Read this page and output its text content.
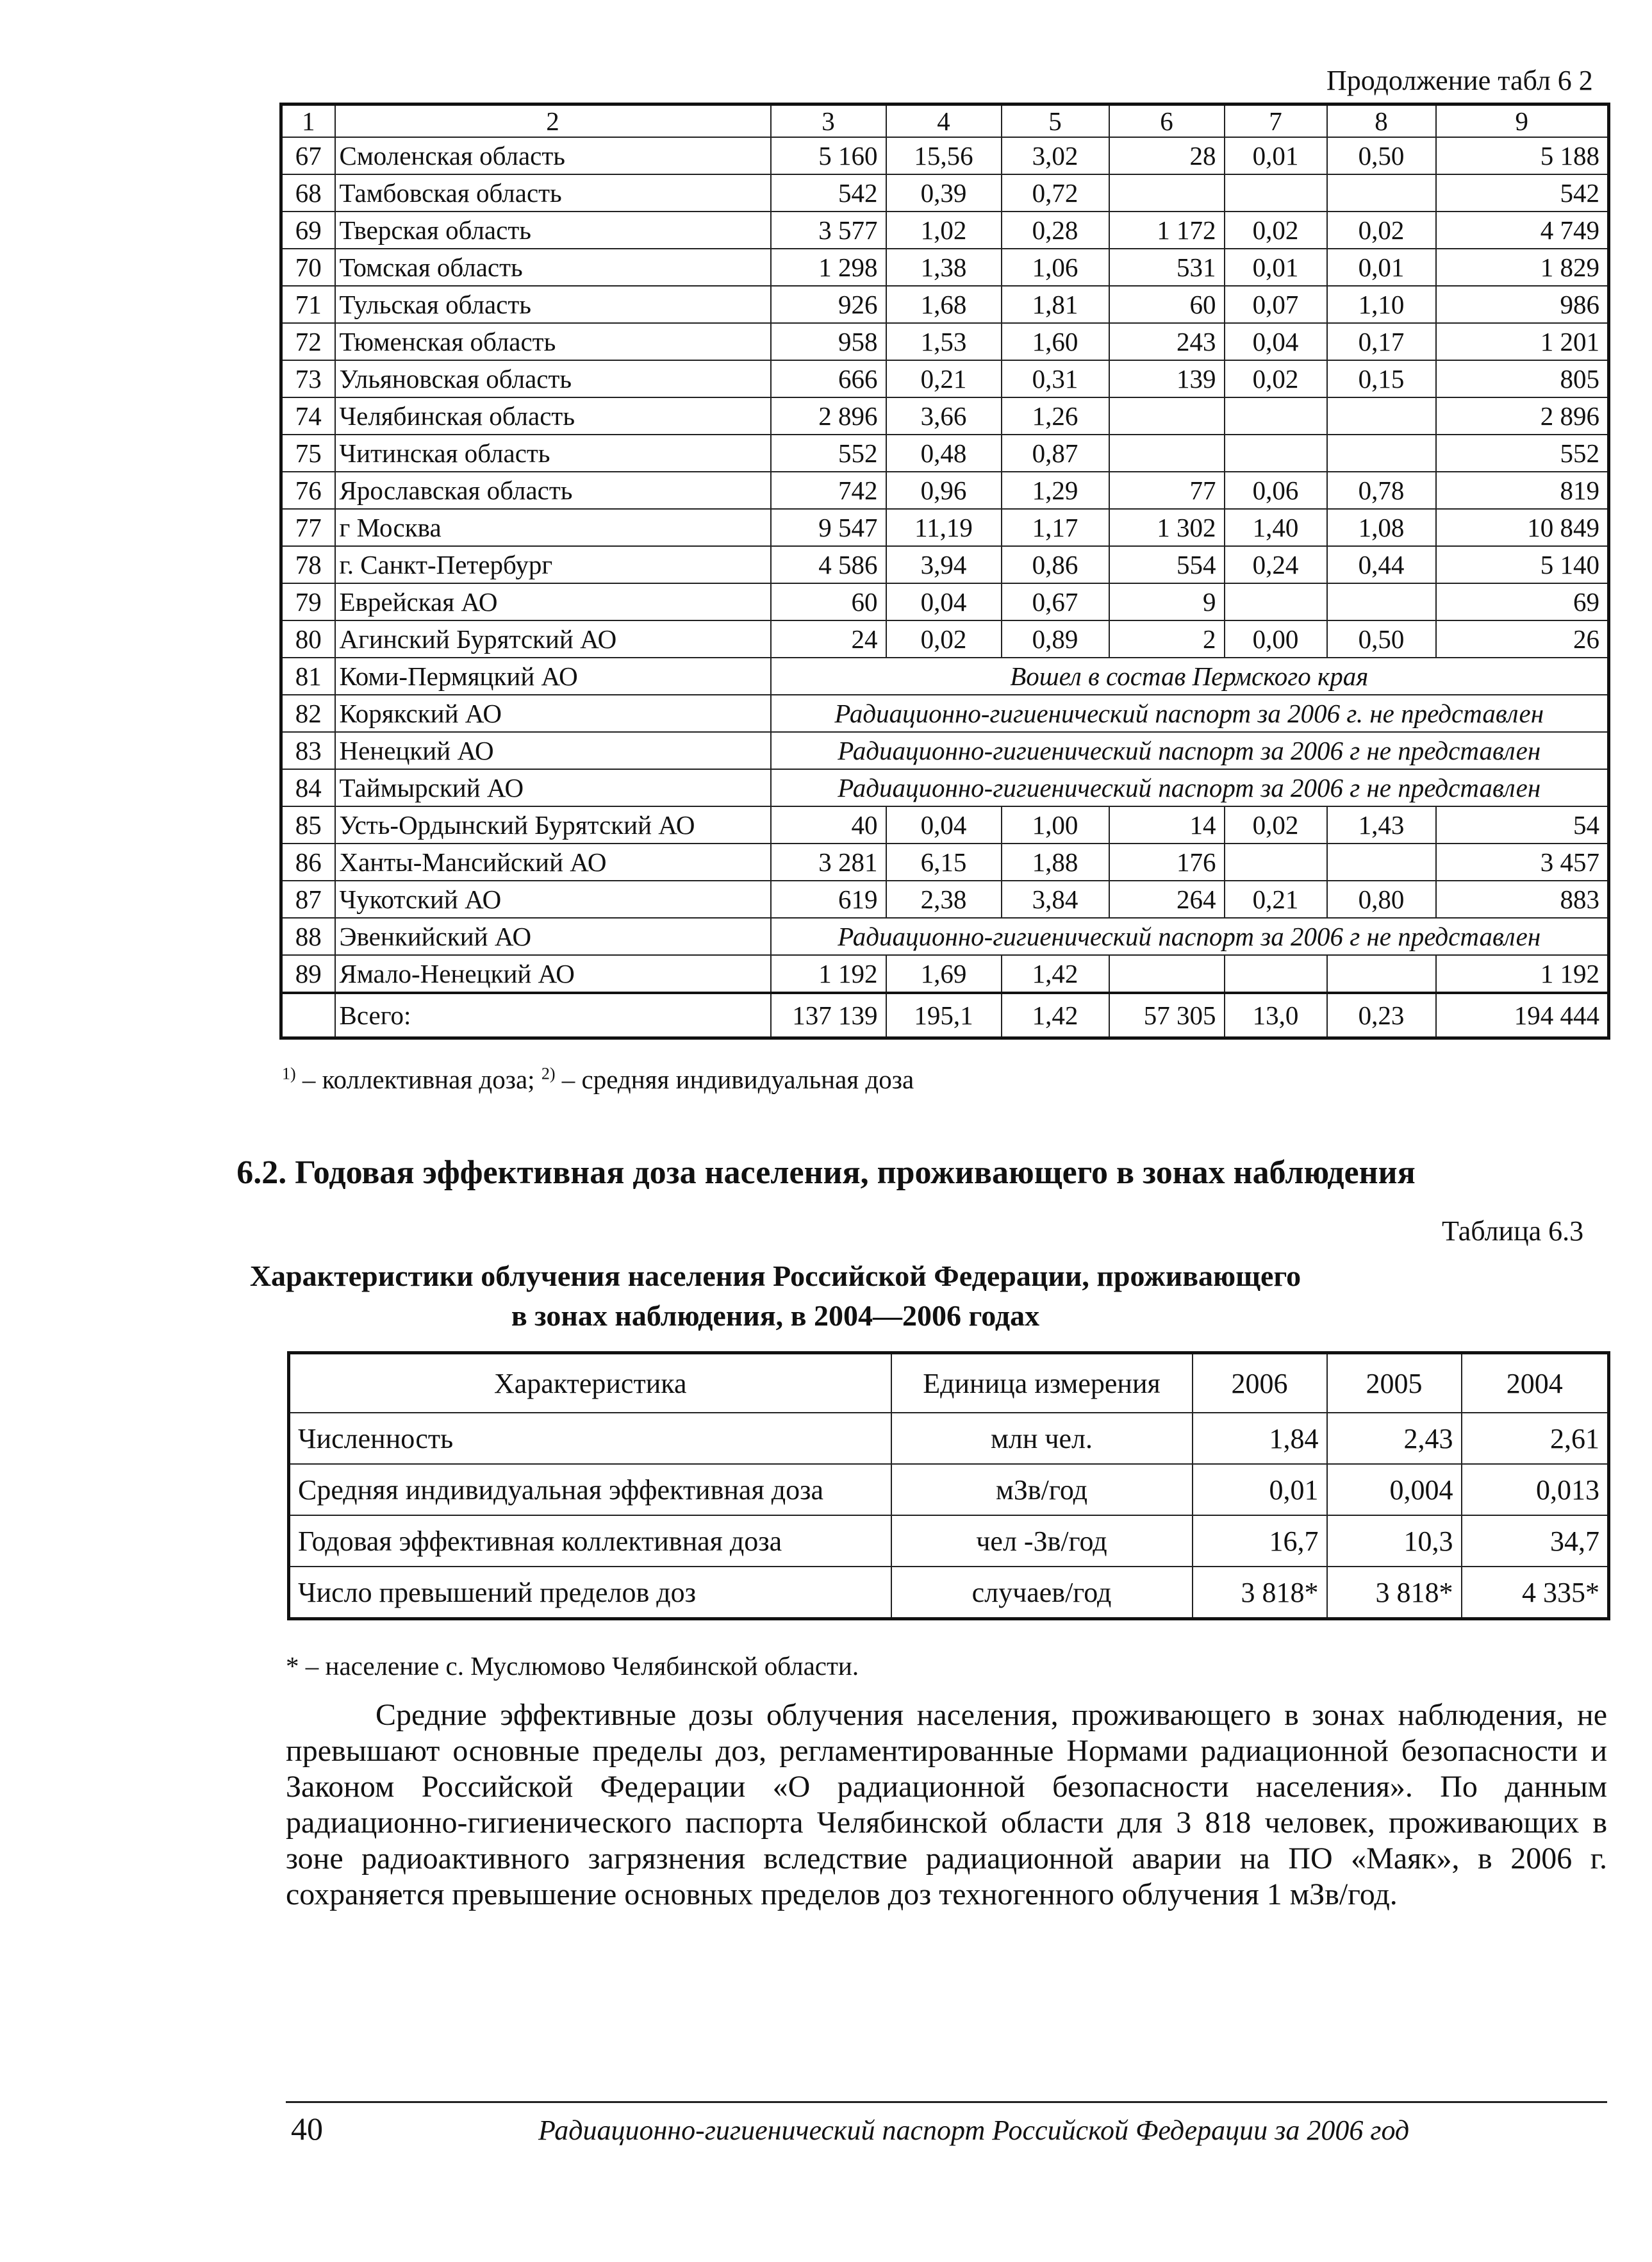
Продолжение табл 6 2
1	2	3	4	5	6	7	8	9
67	Смоленская область	5 160	15,56	3,02	28	0,01	0,50	5 188
68	Тамбовская область	542	0,39	0,72				542
69	Тверская область	3 577	1,02	0,28	1 172	0,02	0,02	4 749
70	Томская область	1 298	1,38	1,06	531	0,01	0,01	1 829
71	Тульская область	926	1,68	1,81	60	0,07	1,10	986
72	Тюменская область	958	1,53	1,60	243	0,04	0,17	1 201
73	Ульяновская область	666	0,21	0,31	139	0,02	0,15	805
74	Челябинская область	2 896	3,66	1,26				2 896
75	Читинская область	552	0,48	0,87				552
76	Ярославская область	742	0,96	1,29	77	0,06	0,78	819
77	г Москва	9 547	11,19	1,17	1 302	1,40	1,08	10 849
78	г. Санкт-Петербург	4 586	3,94	0,86	554	0,24	0,44	5 140
79	Еврейская АО	60	0,04	0,67	9			69
80	Агинский Бурятский АО	24	0,02	0,89	2	0,00	0,50	26
81	Коми-Пермяцкий АО	Вошел в состав Пермского края						
82	Корякский АО	Радиационно-гигиенический паспорт за 2006 г. не представлен						
83	Ненецкий АО	Радиационно-гигиенический паспорт за 2006 г не представлен						
84	Таймырский АО	Радиационно-гигиенический паспорт за 2006 г не представлен						
85	Усть-Ордынский Бурятский АО	40	0,04	1,00	14	0,02	1,43	54
86	Ханты-Мансийский АО	3 281	6,15	1,88	176			3 457
87	Чукотский АО	619	2,38	3,84	264	0,21	0,80	883
88	Эвенкийский АО	Радиационно-гигиенический паспорт за 2006 г не представлен						
89	Ямало-Ненецкий АО	1 192	1,69	1,42				1 192
	Всего:	137 139	195,1	1,42	57 305	13,0	0,23	194 444
$^{1)}$ – коллективная доза; $^{2)}$ – средняя индивидуальная доза
6.2. Годовая эффективная доза населения, проживающего в зонах наблюдения
Таблица 6.3
Характеристики облучения населения Российской Федерации, проживающего
в зонах наблюдения, в 2004—2006 годах
Характеристика	Единица измерения	2006	2005	2004
Численность	млн чел.	1,84	2,43	2,61
Средняя индивидуальная эффективная доза	мЗв/год	0,01	0,004	0,013
Годовая эффективная коллективная доза	чел -Зв/год	16,7	10,3	34,7
Число превышений пределов доз	случаев/год	3 818*	3 818*	4 335*
* – население с. Муслюмово Челябинской области.
Средние эффективные дозы облучения населения, проживающего в зонах наблюдения, не превышают основные пределы доз, регламентированные Нормами радиационной безопасности и Законом Российской Федерации «О радиационной безопасности населения». По данным радиационно-гигиенического паспорта Челябинской области для 3 818 человек, проживающих в зоне радиоактивного загрязнения вследствие радиационной аварии на ПО «Маяк», в 2006 г. сохраняется превышение основных пределов доз техногенного облучения 1 мЗв/год.
40	Радиационно-гигиенический паспорт Российской Федерации за 2006 год
